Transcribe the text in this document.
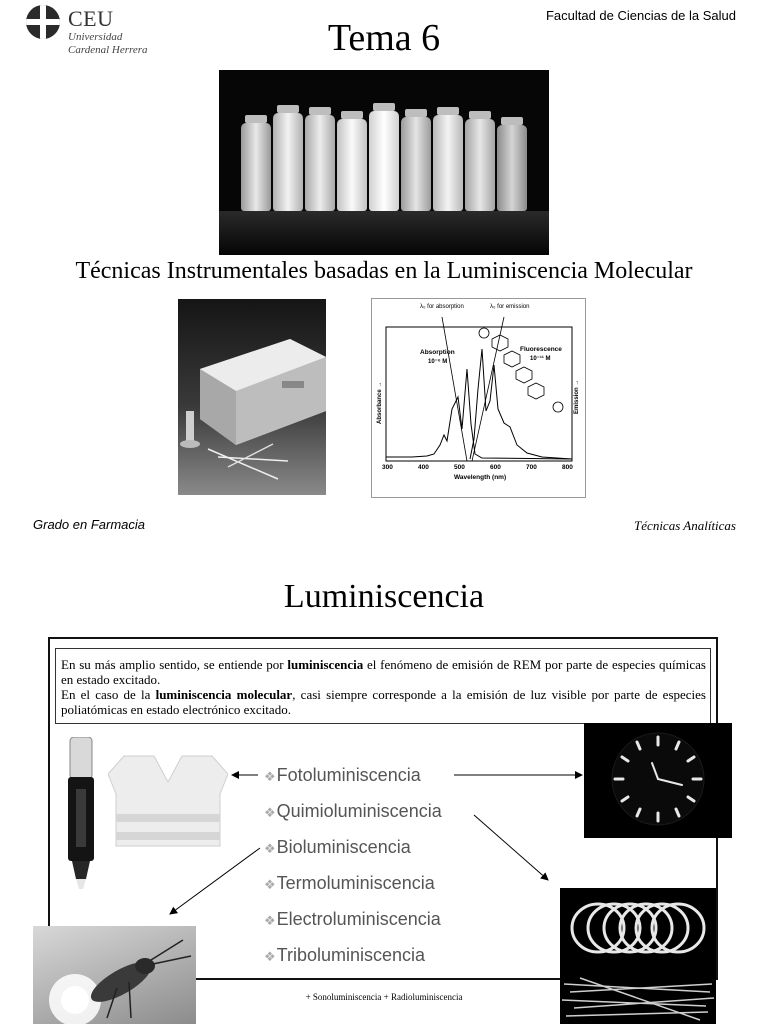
CEU
Universidad
Cardenal Herrera
Facultad de Ciencias de la Salud
Tema 6
Técnicas Instrumentales basadas en la Luminiscencia Molecular
λ₀ for absorption	λ₀ for emission
Absorption
10⁻⁶ M
Fluorescence
10⁻¹¹ M
Absorbance →	Emission →
300	400	500	600	700	800
Wavelength (nm)
Grado en Farmacia	Técnicas Analíticas
Luminiscencia

En su más amplio sentido, se entiende por luminiscencia el fenómeno de emisión de REM por parte de especies químicas en estado excitado.

En el caso de la luminiscencia molecular, casi siempre corresponde a la emisión de luz visible por parte de especies poliatómicas en estado electrónico excitado.

❖Fotoluminiscencia
❖Quimioluminiscencia
❖Bioluminiscencia
❖Termoluminiscencia
❖Electroluminiscencia
❖Triboluminiscencia
+ Sonoluminiscencia + Radioluminiscencia
